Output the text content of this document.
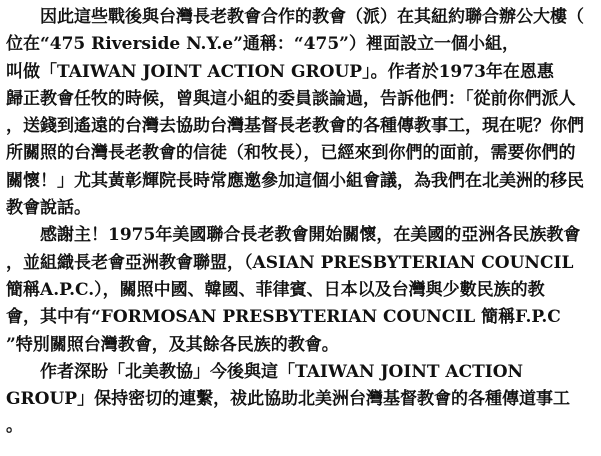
　　因此這些戰後與台灣長老教會合作的教會（派）在其紐約聯合辦公大樓（
位在“475 Riverside N.Y.e”通稱：“475”）裡面設立一個小組，
叫做「TAIWAN JOINT ACTION GROUP」。作者於1973年在恩惠
歸正教會任牧的時候，曾與這小組的委員談論過，告訴他們：「從前你們派人
，送錢到遙遠的台灣去協助台灣基督長老教會的各種傳教事工，現在呢？你們
所關照的台灣長老教會的信徒（和牧長），已經來到你們的面前，需要你們的
關懷！」尤其黃彰輝院長時常應邀參加這個小組會議，為我們在北美洲的移民
教會說話。
　　感謝主！1975年美國聯合長老教會開始關懷，在美國的亞洲各民族教會
，並組織長老會亞洲教會聯盟，（ASIAN PRESBYTERIAN COUNCIL
簡稱A.P.C.），關照中國、韓國、菲律賓、日本以及台灣與少數民族的教
會，其中有“FORMOSAN PRESBYTERIAN COUNCIL 簡稱F.P.C
”特別關照台灣教會，及其餘各民族的教會。
　　作者深盼「北美教協」今後與這「TAIWAN JOINT ACTION
GROUP」保持密切的連繫，祓此協助北美洲台灣基督教會的各種傳道事工
。
